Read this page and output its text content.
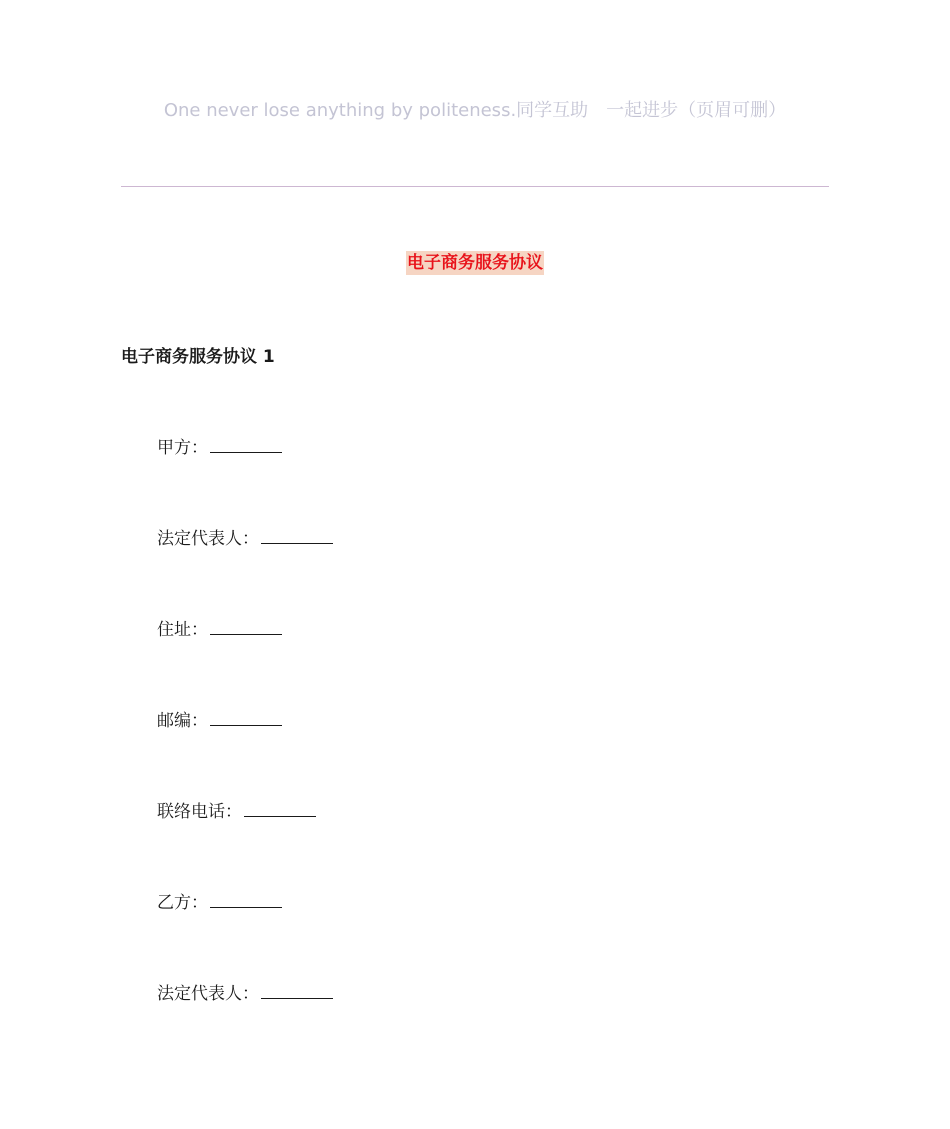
One never lose anything by politeness.同学互助　一起进步（页眉可删）
电子商务服务协议
电子商务服务协议 1
甲方：
法定代表人：
住址：
邮编：
联络电话：
乙方：
法定代表人：
